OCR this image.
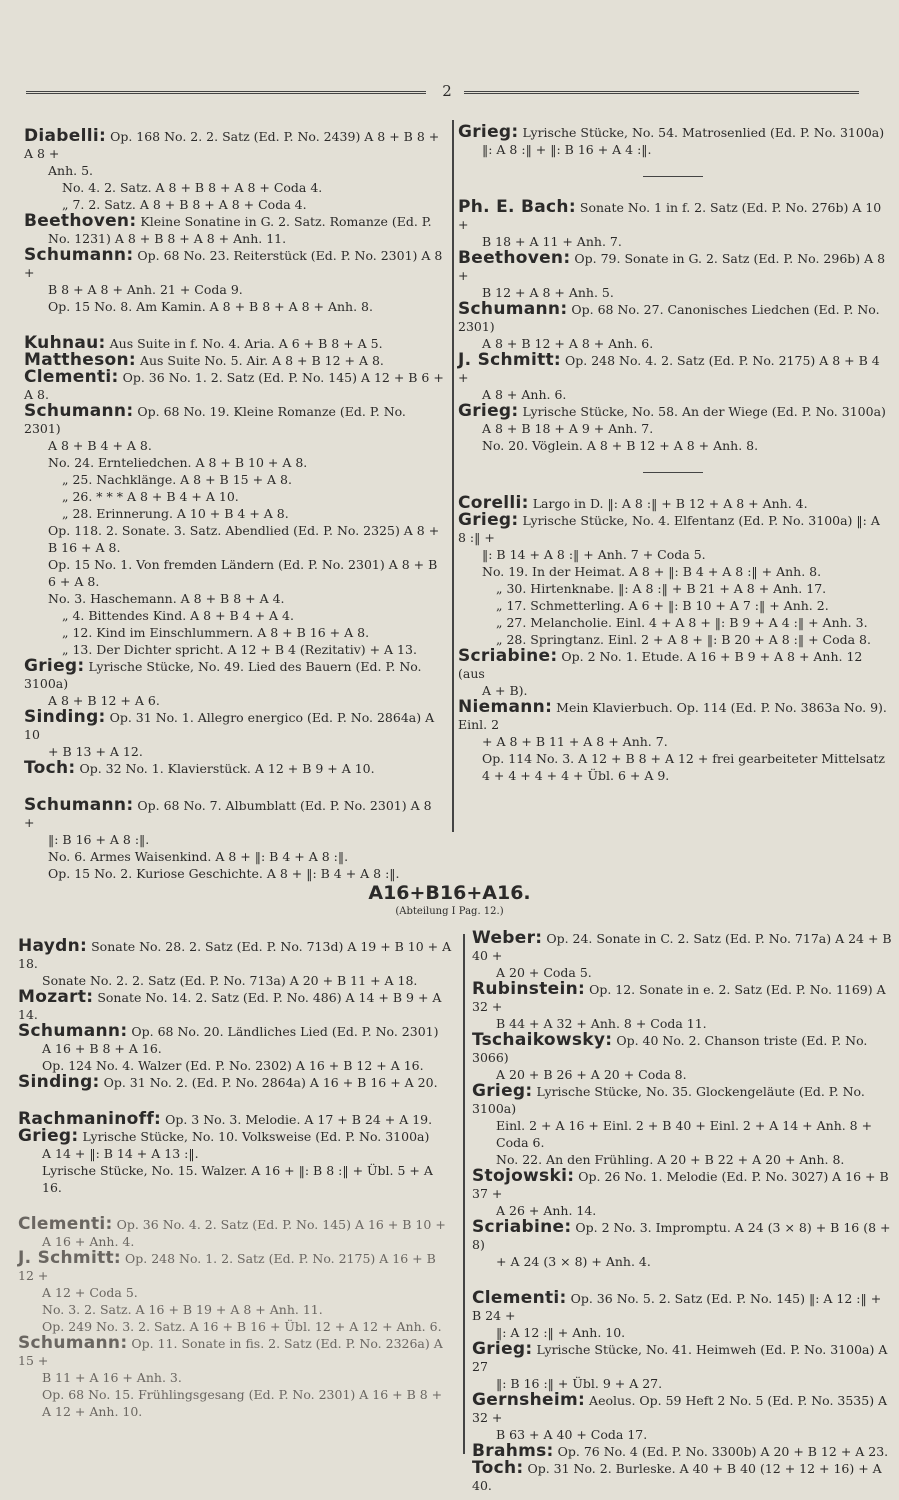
2

Diabelli: Op. 168 No. 2. 2. Satz (Ed. P. No. 2439) A 8 + B 8 + A 8 +

Anh. 5.

No. 4. 2. Satz. A 8 + B 8 + A 8 + Coda 4.

„ 7. 2. Satz. A 8 + B 8 + A 8 + Coda 4.

Beethoven: Kleine Sonatine in G. 2. Satz. Romanze (Ed. P.

No. 1231) A 8 + B 8 + A 8 + Anh. 11.

Schumann: Op. 68 No. 23. Reiterstück (Ed. P. No. 2301) A 8 +

B 8 + A 8 + Anh. 21 + Coda 9.

Op. 15 No. 8. Am Kamin. A 8 + B 8 + A 8 + Anh. 8.

Kuhnau: Aus Suite in f. No. 4. Aria. A 6 + B 8 + A 5.

Mattheson: Aus Suite No. 5. Air. A 8 + B 12 + A 8.

Clementi: Op. 36 No. 1. 2. Satz (Ed. P. No. 145) A 12 + B 6 + A 8.

Schumann: Op. 68 No. 19. Kleine Romanze (Ed. P. No. 2301)

A 8 + B 4 + A 8.

No. 24. Ernteliedchen. A 8 + B 10 + A 8.

„ 25. Nachklänge. A 8 + B 15 + A 8.

„ 26. * * * A 8 + B 4 + A 10.

„ 28. Erinnerung. A 10 + B 4 + A 8.

Op. 118. 2. Sonate. 3. Satz. Abendlied (Ed. P. No. 2325) A 8 +

B 16 + A 8.

Op. 15 No. 1. Von fremden Ländern (Ed. P. No. 2301) A 8 + B 6 + A 8.

No. 3. Haschemann. A 8 + B 8 + A 4.

„ 4. Bittendes Kind. A 8 + B 4 + A 4.

„ 12. Kind im Einschlummern. A 8 + B 16 + A 8.

„ 13. Der Dichter spricht. A 12 + B 4 (Rezitativ) + A 13.

Grieg: Lyrische Stücke, No. 49. Lied des Bauern (Ed. P. No. 3100a)

A 8 + B 12 + A 6.

Sinding: Op. 31 No. 1. Allegro energico (Ed. P. No. 2864a) A 10

+ B 13 + A 12.

Toch: Op. 32 No. 1. Klavierstück. A 12 + B 9 + A 10.

Schumann: Op. 68 No. 7. Albumblatt (Ed. P. No. 2301) A 8 +

‖: B 16 + A 8 :‖.

No. 6. Armes Waisenkind. A 8 + ‖: B 4 + A 8 :‖.

Op. 15 No. 2. Kuriose Geschichte. A 8 + ‖: B 4 + A 8 :‖.

Grieg: Lyrische Stücke, No. 54. Matrosenlied (Ed. P. No. 3100a)

‖: A 8 :‖ + ‖: B 16 + A 4 :‖.

Ph. E. Bach: Sonate No. 1 in f. 2. Satz (Ed. P. No. 276b) A 10 +

B 18 + A 11 + Anh. 7.

Beethoven: Op. 79. Sonate in G. 2. Satz (Ed. P. No. 296b) A 8 +

B 12 + A 8 + Anh. 5.

Schumann: Op. 68 No. 27. Canonisches Liedchen (Ed. P. No. 2301)

A 8 + B 12 + A 8 + Anh. 6.

J. Schmitt: Op. 248 No. 4. 2. Satz (Ed. P. No. 2175) A 8 + B 4 +

A 8 + Anh. 6.

Grieg: Lyrische Stücke, No. 58. An der Wiege (Ed. P. No. 3100a)

A 8 + B 18 + A 9 + Anh. 7.

No. 20. Vöglein. A 8 + B 12 + A 8 + Anh. 8.

Corelli: Largo in D. ‖: A 8 :‖ + B 12 + A 8 + Anh. 4.

Grieg: Lyrische Stücke, No. 4. Elfentanz (Ed. P. No. 3100a) ‖: A 8 :‖ +

‖: B 14 + A 8 :‖ + Anh. 7 + Coda 5.

No. 19. In der Heimat. A 8 + ‖: B 4 + A 8 :‖ + Anh. 8.

„ 30. Hirtenknabe. ‖: A 8 :‖ + B 21 + A 8 + Anh. 17.

„ 17. Schmetterling. A 6 + ‖: B 10 + A 7 :‖ + Anh. 2.

„ 27. Melancholie. Einl. 4 + A 8 + ‖: B 9 + A 4 :‖ + Anh. 3.

„ 28. Springtanz. Einl. 2 + A 8 + ‖: B 20 + A 8 :‖ + Coda 8.

Scriabine: Op. 2 No. 1. Etude. A 16 + B 9 + A 8 + Anh. 12 (aus

A + B).

Niemann: Mein Klavierbuch. Op. 114 (Ed. P. No. 3863a No. 9). Einl. 2

+ A 8 + B 11 + A 8 + Anh. 7.

Op. 114 No. 3. A 12 + B 8 + A 12 + frei gearbeiteter Mittelsatz

4 + 4 + 4 + 4 + Übl. 6 + A 9.

A16+B16+A16.
(Abteilung I Pag. 12.)

Haydn: Sonate No. 28. 2. Satz (Ed. P. No. 713d) A 19 + B 10 + A 18.

Sonate No. 2. 2. Satz (Ed. P. No. 713a) A 20 + B 11 + A 18.

Mozart: Sonate No. 14. 2. Satz (Ed. P. No. 486) A 14 + B 9 + A 14.

Schumann: Op. 68 No. 20. Ländliches Lied (Ed. P. No. 2301)

A 16 + B 8 + A 16.

Op. 124 No. 4. Walzer (Ed. P. No. 2302) A 16 + B 12 + A 16.

Sinding: Op. 31 No. 2. (Ed. P. No. 2864a) A 16 + B 16 + A 20.

Rachmaninoff: Op. 3 No. 3. Melodie. A 17 + B 24 + A 19.

Grieg: Lyrische Stücke, No. 10. Volksweise (Ed. P. No. 3100a)

A 14 + ‖: B 14 + A 13 :‖.

Lyrische Stücke, No. 15. Walzer. A 16 + ‖: B 8 :‖ + Übl. 5 + A 16.

Clementi: Op. 36 No. 4. 2. Satz (Ed. P. No. 145) A 16 + B 10 +

A 16 + Anh. 4.

J. Schmitt: Op. 248 No. 1. 2. Satz (Ed. P. No. 2175) A 16 + B 12 +

A 12 + Coda 5.

No. 3. 2. Satz. A 16 + B 19 + A 8 + Anh. 11.

Op. 249 No. 3. 2. Satz. A 16 + B 16 + Übl. 12 + A 12 + Anh. 6.

Schumann: Op. 11. Sonate in fis. 2. Satz (Ed. P. No. 2326a) A 15 +

B 11 + A 16 + Anh. 3.

Op. 68 No. 15. Frühlingsgesang (Ed. P. No. 2301) A 16 + B 8 +

A 12 + Anh. 10.

Weber: Op. 24. Sonate in C. 2. Satz (Ed. P. No. 717a) A 24 + B 40 +

A 20 + Coda 5.

Rubinstein: Op. 12. Sonate in e. 2. Satz (Ed. P. No. 1169) A 32 +

B 44 + A 32 + Anh. 8 + Coda 11.

Tschaikowsky: Op. 40 No. 2. Chanson triste (Ed. P. No. 3066)

A 20 + B 26 + A 20 + Coda 8.

Grieg: Lyrische Stücke, No. 35. Glockengeläute (Ed. P. No. 3100a)

Einl. 2 + A 16 + Einl. 2 + B 40 + Einl. 2 + A 14 + Anh. 8 + Coda 6.

No. 22. An den Frühling. A 20 + B 22 + A 20 + Anh. 8.

Stojowski: Op. 26 No. 1. Melodie (Ed. P. No. 3027) A 16 + B 37 +

A 26 + Anh. 14.

Scriabine: Op. 2 No. 3. Impromptu. A 24 (3 × 8) + B 16 (8 + 8)

+ A 24 (3 × 8) + Anh. 4.

Clementi: Op. 36 No. 5. 2. Satz (Ed. P. No. 145) ‖: A 12 :‖ + B 24 +

‖: A 12 :‖ + Anh. 10.

Grieg: Lyrische Stücke, No. 41. Heimweh (Ed. P. No. 3100a) A 27

‖: B 16 :‖ + Übl. 9 + A 27.

Gernsheim: Aeolus. Op. 59 Heft 2 No. 5 (Ed. P. No. 3535) A 32 +

B 63 + A 40 + Coda 17.

Brahms: Op. 76 No. 4 (Ed. P. No. 3300b) A 20 + B 12 + A 23.

Toch: Op. 31 No. 2. Burleske. A 40 + B 40 (12 + 12 + 16) + A 40.
